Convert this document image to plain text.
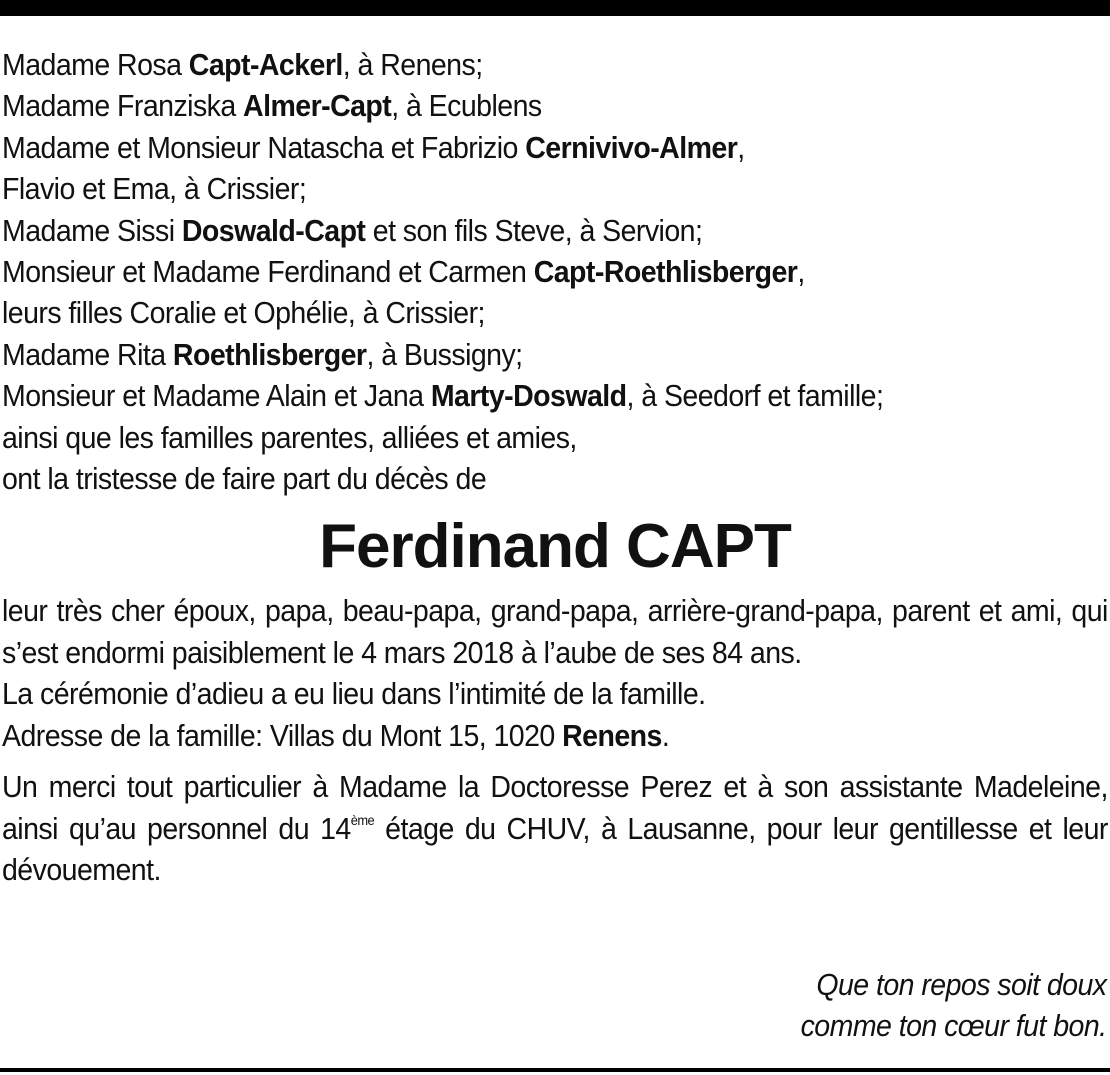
Madame Rosa Capt-Ackerl, à Renens;
Madame Franziska Almer-Capt, à Ecublens
Madame et Monsieur Natascha et Fabrizio Cernivivo-Almer,
Flavio et Ema, à Crissier;
Madame Sissi Doswald-Capt et son fils Steve, à Servion;
Monsieur et Madame Ferdinand et Carmen Capt-Roethlisberger,
leurs filles Coralie et Ophélie, à Crissier;
Madame Rita Roethlisberger, à Bussigny;
Monsieur et Madame Alain et Jana Marty-Doswald, à Seedorf et famille;
ainsi que les familles parentes, alliées et amies,
ont la tristesse de faire part du décès de
Ferdinand CAPT
leur très cher époux, papa, beau-papa, grand-papa, arrière-grand-papa, parent et ami, qui s’est endormi paisiblement le 4 mars 2018 à l’aube de ses 84 ans.
La cérémonie d’adieu a eu lieu dans l’intimité de la famille.
Adresse de la famille: Villas du Mont 15, 1020 Renens.
Un merci tout particulier à Madame la Doctoresse Perez et à son assistante Madeleine, ainsi qu’au personnel du 14ème étage du CHUV, à Lausanne, pour leur gentillesse et leur dévouement.
Que ton repos soit doux
comme ton cœur fut bon.
